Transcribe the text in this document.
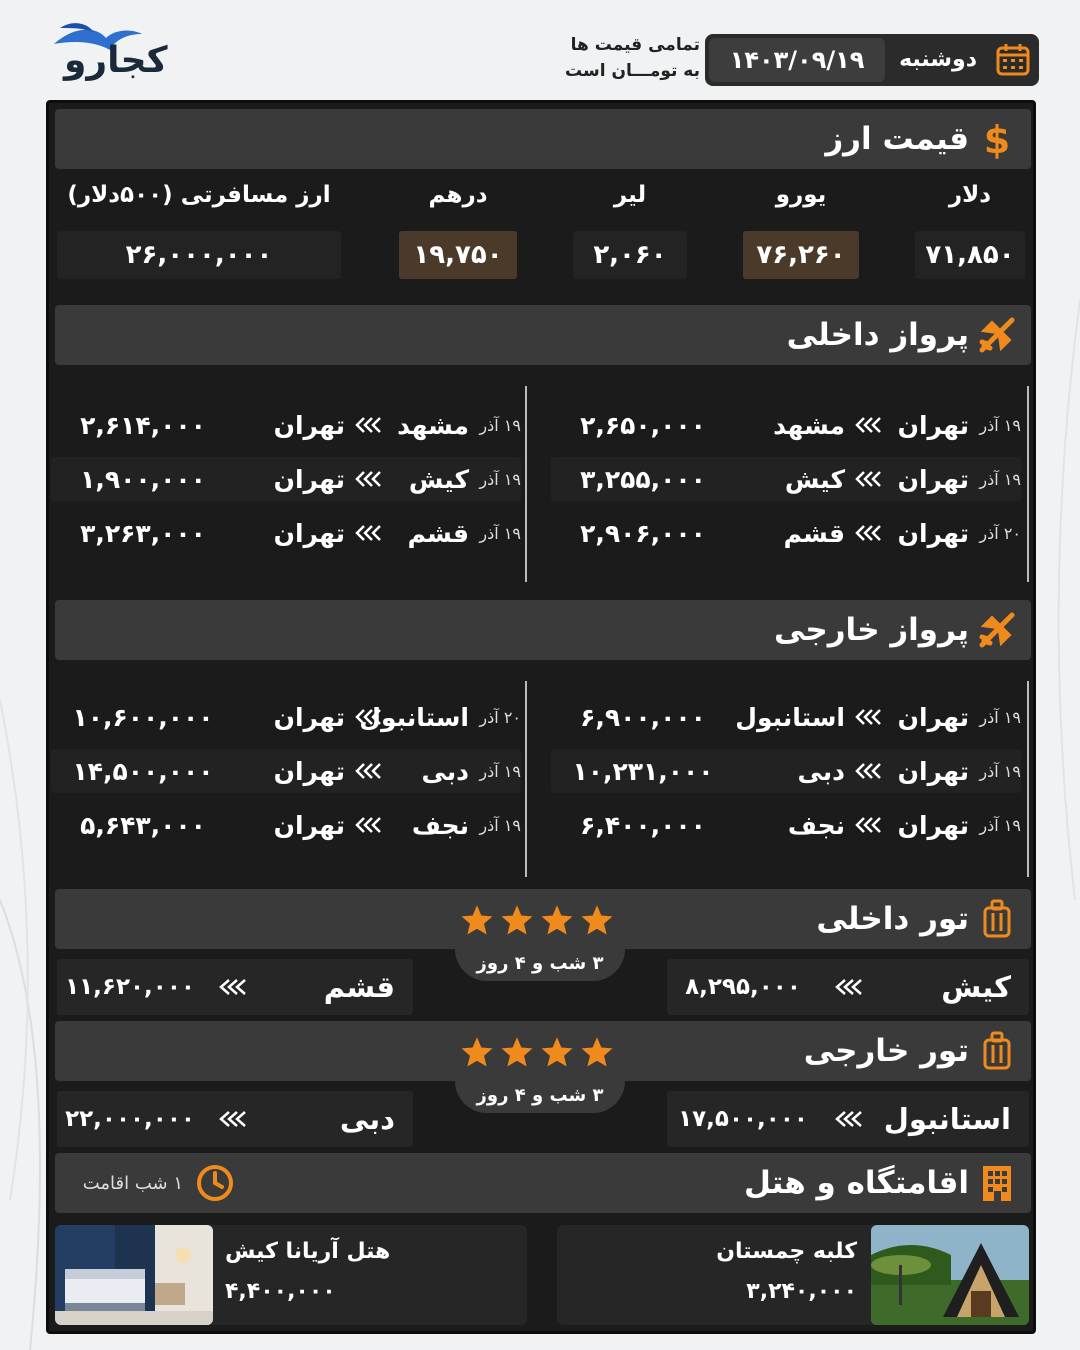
کجارو	تمامی قیمت ها
به تومـــان است	دوشنبه
۱۴۰۳/۰۹/۱۹
$
قیمت ارز
دلار
۷۱,۸۵۰
یورو
۷۶,۲۶۰
لیر
۲,۰۶۰
درهم
۱۹,۷۵۰
ارز مسافرتی (۵۰۰دلار)
۲۶,۰۰۰,۰۰۰
پرواز داخلی
۱۹ آذر
تهران
مشهد
۲,۶۵۰,۰۰۰
۱۹ آذر
تهران
کیش
۳,۲۵۵,۰۰۰
۲۰ آذر
تهران
قشم
۲,۹۰۶,۰۰۰
۱۹ آذر
مشهد
تهران
۲,۶۱۴,۰۰۰
۱۹ آذر
کیش
تهران
۱,۹۰۰,۰۰۰
۱۹ آذر
قشم
تهران
۳,۲۶۳,۰۰۰
پرواز خارجی
۱۹ آذر
تهران
استانبول
۶,۹۰۰,۰۰۰
۱۹ آذر
تهران
دبی
۱۰,۲۳۱,۰۰۰
۱۹ آذر
تهران
نجف
۶,۴۰۰,۰۰۰
۲۰ آذر
استانبول
تهران
۱۰,۶۰۰,۰۰۰
۱۹ آذر
دبی
تهران
۱۴,۵۰۰,۰۰۰
۱۹ آذر
نجف
تهران
۵,۶۴۳,۰۰۰
تور داخلی
۳ شب و ۴ روز
کیش
۸,۲۹۵,۰۰۰
قشم
۱۱,۶۲۰,۰۰۰
تور خارجی
۳ شب و ۴ روز
استانبول
۱۷,۵۰۰,۰۰۰
دبی
۲۲,۰۰۰,۰۰۰
اقامتگاه و هتل
۱ شب اقامت
کلبه چمستان
۳,۲۴۰,۰۰۰
هتل آریانا کیش
۴,۴۰۰,۰۰۰
